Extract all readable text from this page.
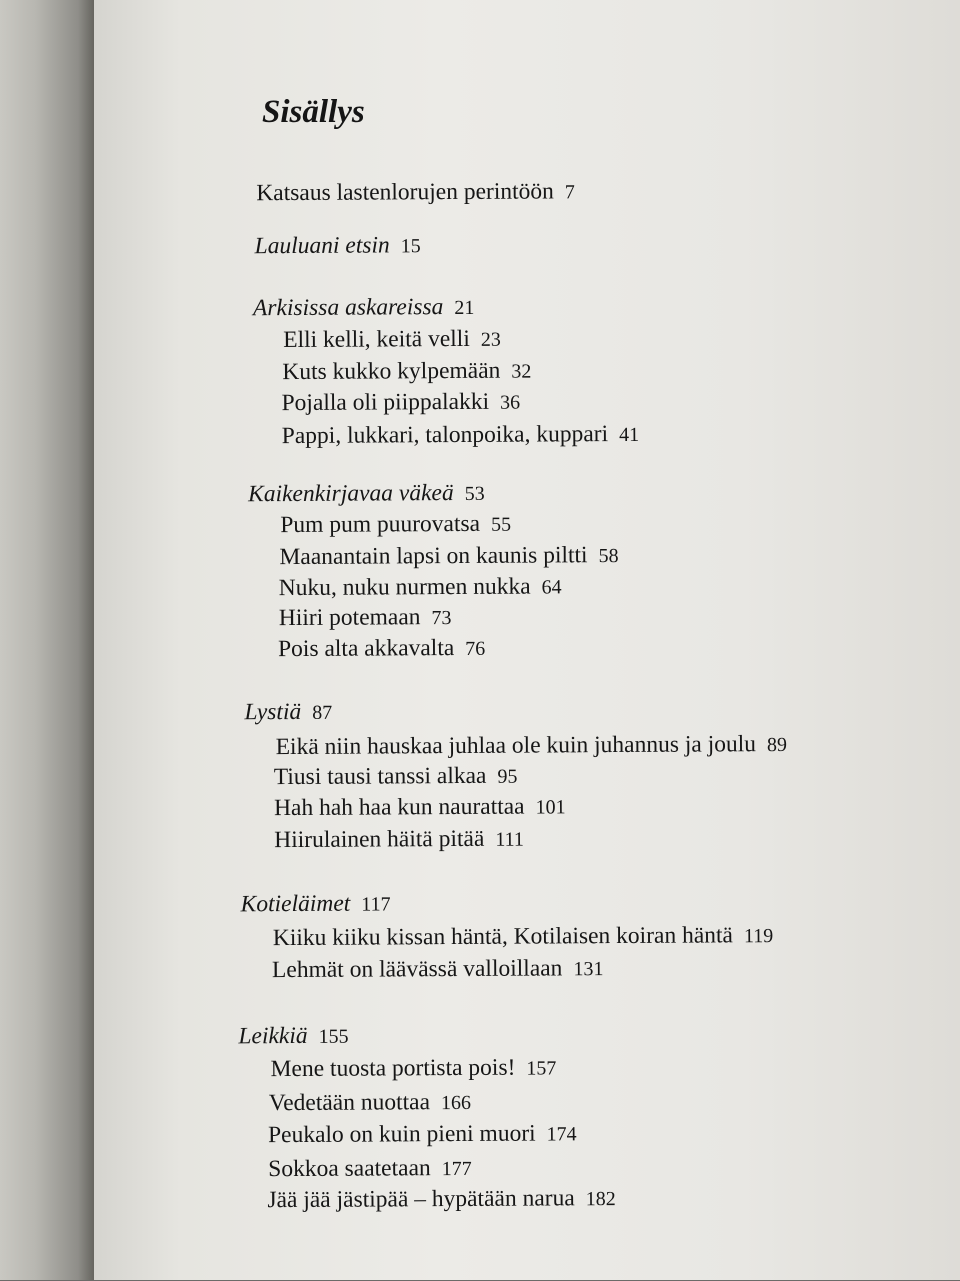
Sisällys
Katsaus lastenlorujen perintöön 7
Lauluani etsin 15
Arkisissa askareissa 21
Elli kelli, keitä velli 23
Kuts kukko kylpemään 32
Pojalla oli piippalakki 36
Pappi, lukkari, talonpoika, kuppari 41
Kaikenkirjavaa väkeä 53
Pum pum puurovatsa 55
Maanantain lapsi on kaunis piltti 58
Nuku, nuku nurmen nukka 64
Hiiri potemaan 73
Pois alta akkavalta 76
Lystiä 87
Eikä niin hauskaa juhlaa ole kuin juhannus ja joulu 89
Tiusi tausi tanssi alkaa 95
Hah hah haa kun naurattaa 101
Hiirulainen häitä pitää 111
Kotieläimet 117
Kiiku kiiku kissan häntä, Kotilaisen koiran häntä 119
Lehmät on läävässä valloillaan 131
Leikkiä 155
Mene tuosta portista pois! 157
Vedetään nuottaa 166
Peukalo on kuin pieni muori 174
Sokkoa saatetaan 177
Jää jää jästipää – hypätään narua 182
